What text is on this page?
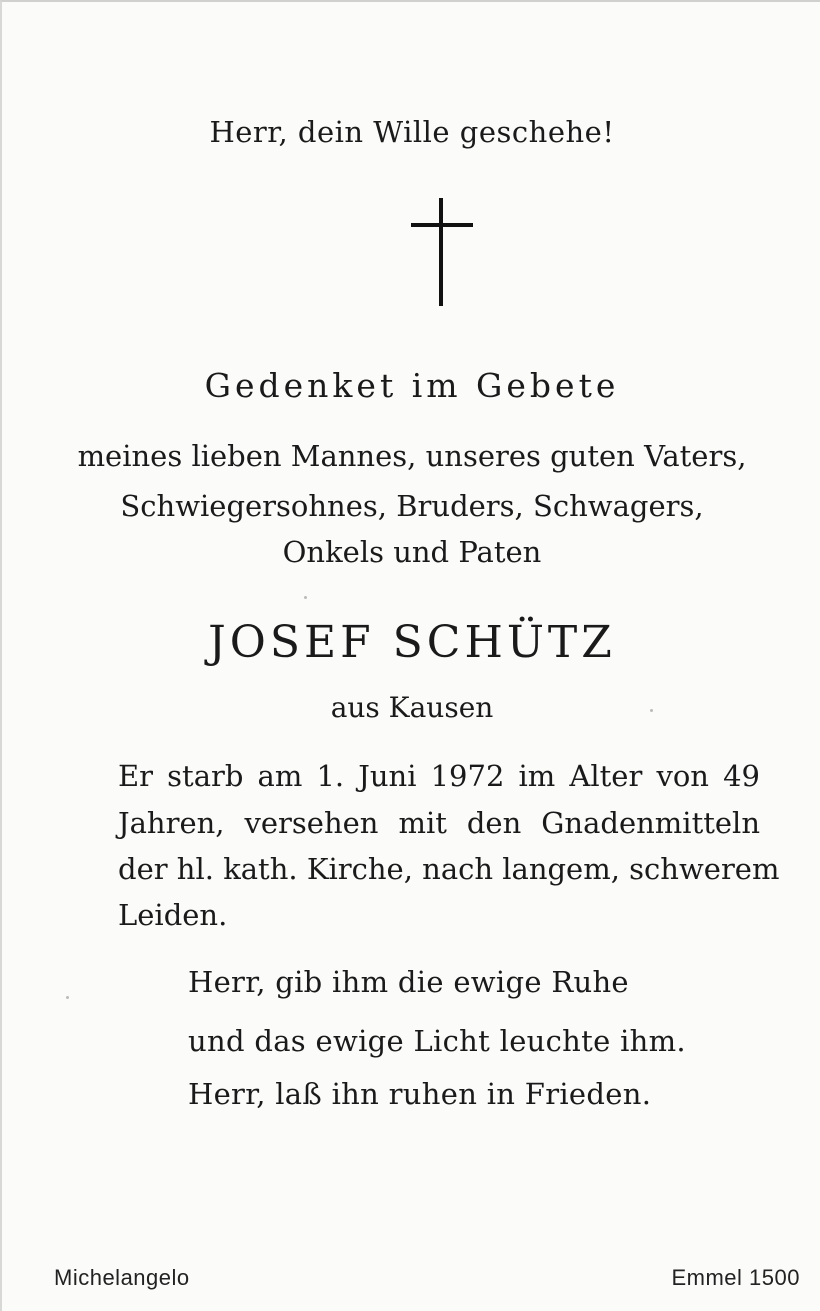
Herr, dein Wille geschehe!
Gedenket im Gebete
meines lieben Mannes, unseres guten Vaters,
Schwiegersohnes, Bruders, Schwagers,
Onkels und Paten
JOSEF SCHÜTZ
aus Kausen
Er starb am 1. Juni 1972 im Alter von 49
Jahren, versehen mit den Gnadenmitteln
der hl. kath. Kirche, nach langem, schwerem
Leiden.
Herr, gib ihm die ewige Ruhe
und das ewige Licht leuchte ihm.
Herr, laß ihn ruhen in Frieden.
Michelangelo	Emmel 1500
